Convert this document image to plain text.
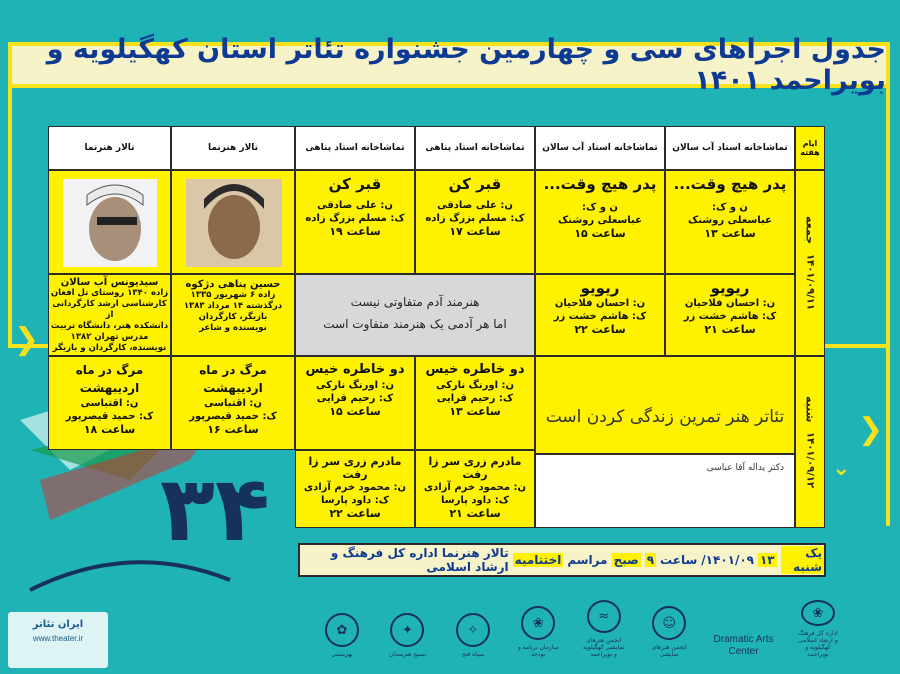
جدول اجراهای سی و چهارمین جشنواره تئاتر استان کهگیلویه و بویراحمد ۱۴۰۱
❯
❯
⌄
۳۴
ایام هفته
تماشاخانه استاد آب سالان
تماشاخانه استاد آب سالان
تماشاخانه استاد پناهی
تماشاخانه استاد پناهی
تالار هنرنما
تالار هنرنما
جمعه
۱۴۰۱/۰۹/۱۱
شنبه
۱۴۰۱/۰۹/۱۲
پدر هیچ وقت...
ن و ک:
عباسعلی روشنک
ساعت ۱۳
پدر هیچ وقت...
ن و ک:
عباسعلی روشنک
ساعت ۱۵
قبر کن
ن: علی صادقی
ک: مسلم بزرگ زاده
ساعت ۱۷
قبر کن
ن: علی صادقی
ک: مسلم بزرگ زاده
ساعت ۱۹
ریویو
ن: احسان فلاحیان
ک: هاشم خشت زر
ساعت ۲۱
ریویو
ن: احسان فلاحیان
ک: هاشم خشت زر
ساعت ۲۲
هنرمند آدم متفاوتی نیست
اما هر آدمی یک هنرمند متفاوت است
حسین پناهی دژکوه
زاده ۶ شهریور ۱۳۳۵
درگذشته ۱۴ مرداد ۱۳۸۳
بازیگر، کارگردان
نویسنده و شاعر
سیدیونس آب سالان
زاده ۱۳۴۰ روستای تل افغان
کارشناسی ارشد کارگردانی از
دانشکده هنر، دانشگاه تربیت
مدرس تهران ۱۳۸۲
نویسنده، کارگردان و بازیگر
تئاتر هنر تمرین زندگی کردن است
دکتر یداله آقا عباسی
دو خاطره خیس
ن: اورنگ نارکی
ک: رحیم قرایی
ساعت ۱۳
دو خاطره خیس
ن: اورنگ نارکی
ک: رحیم قرایی
ساعت ۱۵
مرگ در ماه اردیبهشت
ن: اقتباسی
ک: حمید قیصرپور
ساعت ۱۶
مرگ در ماه اردیبهشت
ن: اقتباسی
ک: حمید قیصرپور
ساعت ۱۸
مادرم زری سر زا رفت
ن: محمود خرم آزادی
ک: داود پارسا
ساعت ۲۱
مادرم زری سر زا رفت
ن: محمود خرم آزادی
ک: داود پارسا
ساعت ۲۲
یک شنبه
۱۳
۱۴۰۱/۰۹/
ساعت
۹
صبح
مراسم
اختتامیه
تالار هنرنما اداره کل فرهنگ و ارشاد اسلامی
✿
بهزیستی
✦
بسیج هنرمندان
✧
سپاه فتح
❀
سازمان برنامه و بودجه
≈
انجمن هنرهای نمایشی کهگیلویه و بویراحمد
☺
انجمن هنرهای نمایشی
Dramatic Arts Center
❀
اداره کل فرهنگ و ارشاد اسلامی کهگیلویه و بویراحمد
ایران تئاتر
www.theater.ir
